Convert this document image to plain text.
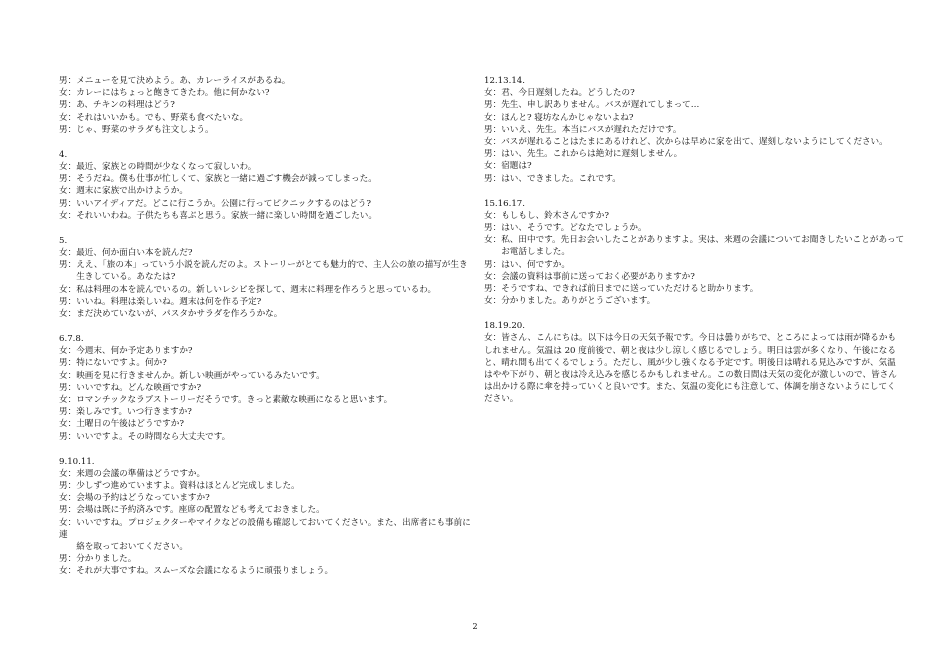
男：メニューを見て決めよう。あ、カレーライスがあるね。
女：カレーにはちょっと飽きてきたわ。他に何かない?
男：あ、チキンの料理はどう?
女：それはいいかも。でも、野菜も食べたいな。
男：じゃ、野菜のサラダも注文しよう。
4.
女：最近、家族との時間が少なくなって寂しいわ。
男：そうだね。僕も仕事が忙しくて、家族と一緒に過ごす機会が減ってしまった。
女：週末に家族で出かけようか。
男：いいアイディアだ。どこに行こうか。公園に行ってピクニックするのはどう?
女：それいいわね。子供たちも喜ぶと思う。家族一緒に楽しい時間を過ごしたい。
5.
女：最近、何か面白い本を読んだ?
男：ええ、「旅の本」っていう小説を読んだのよ。ストーリーがとても魅力的で、主人公の旅の描写が生き
　　生きしている。あなたは?
女：私は料理の本を読んでいるの。新しいレシピを探して、週末に料理を作ろうと思っているわ。
男：いいね。料理は楽しいね。週末は何を作る予定?
女：まだ決めていないが、パスタかサラダを作ろうかな。
6.7.8.
女：今週末、何か予定ありますか?
男：特にないですよ。何か?
女：映画を見に行きませんか。新しい映画がやっているみたいです。
男：いいですね。どんな映画ですか?
女：ロマンチックなラブストーリーだそうです。きっと素敵な映画になると思います。
男：楽しみです。いつ行きますか?
女：土曜日の午後はどうですか?
男：いいですよ。その時間なら大丈夫です。
9.10.11.
女：来週の会議の準備はどうですか。
男：少しずつ進めていますよ。資料はほとんど完成しました。
女：会場の予約はどうなっていますか?
男：会場は既に予約済みです。座席の配置なども考えておきました。
女：いいですね。プロジェクターやマイクなどの設備も確認しておいてください。また、出席者にも事前に
連
　　絡を取っておいてください。
男：分かりました。
女：それが大事ですね。スムーズな会議になるように頑張りましょう。
12.13.14.
女：君、今日遅刻したね。どうしたの?
男：先生、申し訳ありません。バスが遅れてしまって…
女：ほんと? 寝坊なんかじゃないよね?
男：いいえ、先生。本当にバスが遅れただけです。
女：バスが遅れることはたまにあるけれど、次からは早めに家を出て、遅刻しないようにしてください。
男：はい、先生。これからは絶対に遅刻しません。
女：宿題は?
男：はい、できました。これです。
15.16.17.
女：もしもし、鈴木さんですか?
男：はい、そうです。どなたでしょうか。
女：私、田中です。先日お会いしたことがありますよ。実は、来週の会議についてお聞きしたいことがあって
　　お電話しました。
男：はい、何ですか。
女：会議の資料は事前に送っておく必要がありますか?
男：そうですね、できれば前日までに送っていただけると助かります。
女：分かりました。ありがとうございます。
18.19.20.
女：皆さん、こんにちは。以下は今日の天気予報です。今日は曇りがちで、ところによっては雨が降るかも
しれません。気温は 20 度前後で、朝と夜は少し涼しく感じるでしょう。明日は雲が多くなり、午後になる
と、晴れ間も出てくるでしょう。ただし、風が少し強くなる予定です。明後日は晴れる見込みですが、気温
はやや下がり、朝と夜は冷え込みを感じるかもしれません。この数日間は天気の変化が激しいので、皆さん
は出かける際に傘を持っていくと良いです。また、気温の変化にも注意して、体調を崩さないようにしてく
ださい。
2
